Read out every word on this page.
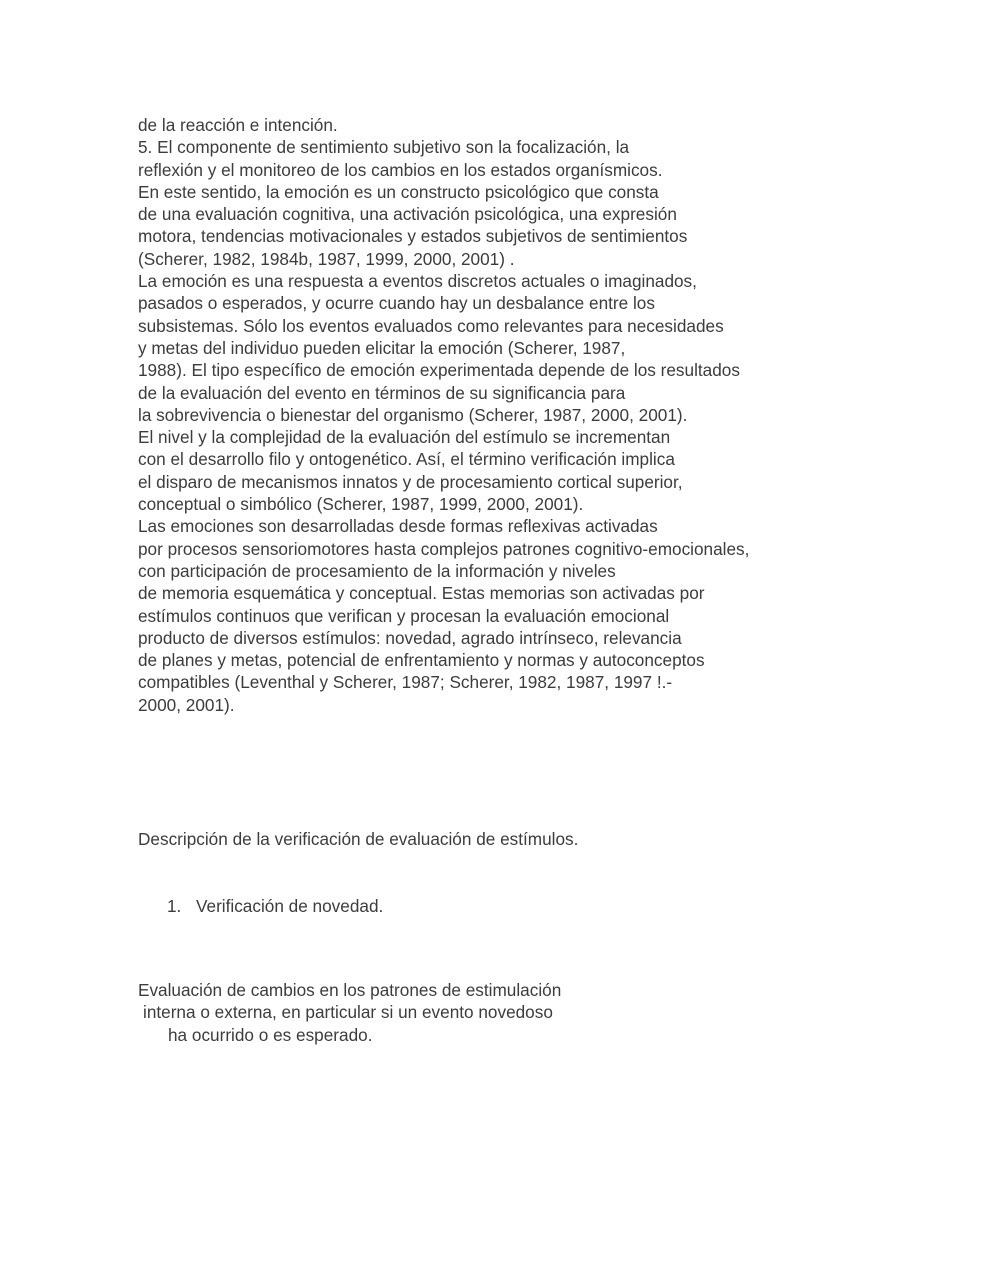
de la reacción e intención.
5. El componente de sentimiento subjetivo son la focalización, la
reflexión y el monitoreo de los cambios en los estados organísmicos.
En este sentido, la emoción es un constructo psicológico que consta
de una evaluación cognitiva, una activación psicológica, una expresión
motora, tendencias motivacionales y estados subjetivos de sentimientos
(Scherer, 1982, 1984b, 1987, 1999, 2000, 2001) .
La emoción es una respuesta a eventos discretos actuales o imaginados,
pasados o esperados, y ocurre cuando hay un desbalance entre los
subsistemas. Sólo los eventos evaluados como relevantes para necesidades
y metas del individuo pueden elicitar la emoción (Scherer, 1987,
1988). El tipo específico de emoción experimentada depende de los resultados
de la evaluación del evento en términos de su significancia para
la sobrevivencia o bienestar del organismo (Scherer, 1987, 2000, 2001).
El nivel y la complejidad de la evaluación del estímulo se incrementan
con el desarrollo filo y ontogenético. Así, el término verificación implica
el disparo de mecanismos innatos y de procesamiento cortical superior,
conceptual o simbólico (Scherer, 1987, 1999, 2000, 2001).
Las emociones son desarrolladas desde formas reflexivas activadas
por procesos sensoriomotores hasta complejos patrones cognitivo-emocionales,
con participación de procesamiento de la información y niveles
de memoria esquemática y conceptual. Estas memorias son activadas por
estímulos continuos que verifican y procesan la evaluación emocional
producto de diversos estímulos: novedad, agrado intrínseco, relevancia
de planes y metas, potencial de enfrentamiento y normas y autoconceptos
compatibles (Leventhal y Scherer, 1987; Scherer, 1982, 1987, 1997 !.-
2000, 2001).
Descripción de la verificación de evaluación de estímulos.
1. Verificación de novedad.
Evaluación de cambios en los patrones de estimulación
interna o externa, en particular si un evento novedoso
ha ocurrido o es esperado.
